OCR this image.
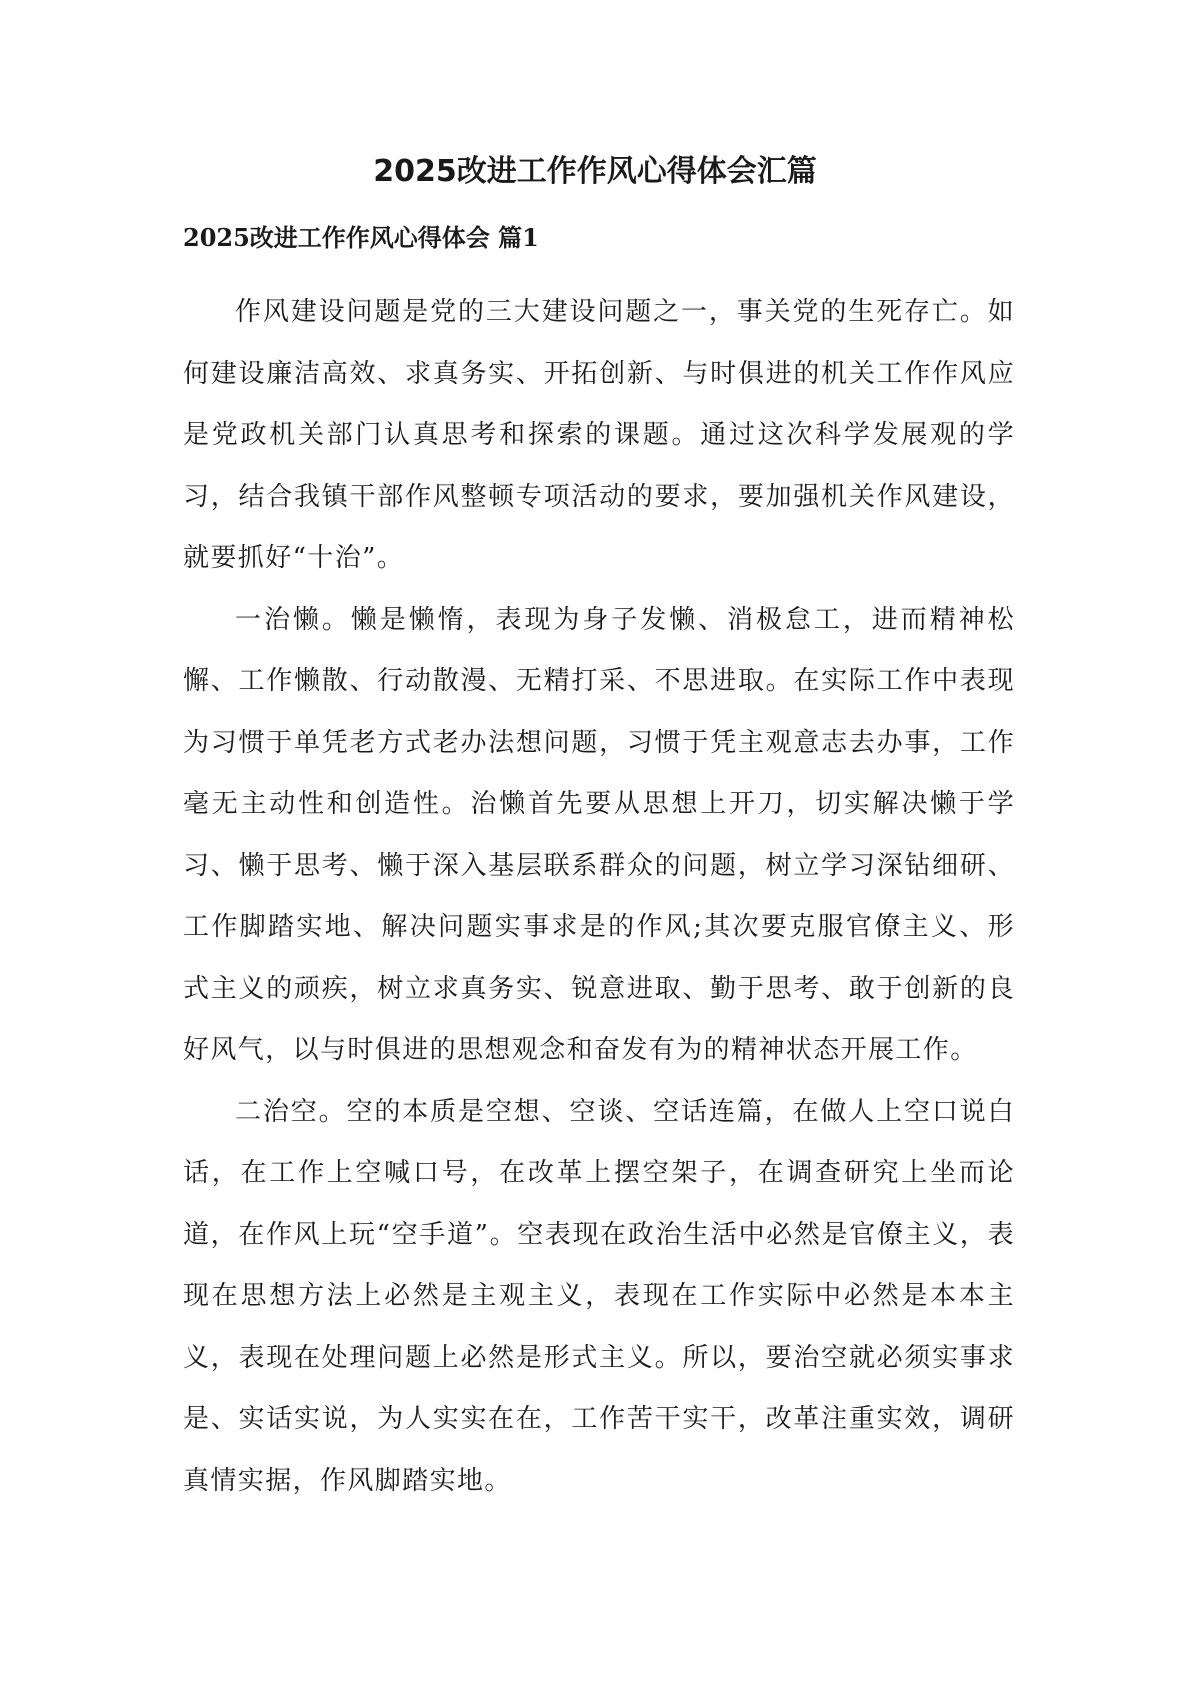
2025改进工作作风心得体会汇篇
2025改进工作作风心得体会 篇1

作风建设问题是党的三大建设问题之一，事关党的生死存亡。如何建设廉洁高效、求真务实、开拓创新、与时俱进的机关工作作风应是党政机关部门认真思考和探索的课题。通过这次科学发展观的学习，结合我镇干部作风整顿专项活动的要求，要加强机关作风建设，就要抓好“十治”。

一治懒。懒是懒惰，表现为身子发懒、消极怠工，进而精神松懈、工作懒散、行动散漫、无精打采、不思进取。在实际工作中表现为习惯于单凭老方式老办法想问题，习惯于凭主观意志去办事，工作毫无主动性和创造性。治懒首先要从思想上开刀，切实解决懒于学习、懒于思考、懒于深入基层联系群众的问题，树立学习深钻细研、工作脚踏实地、解决问题实事求是的作风;其次要克服官僚主义、形式主义的顽疾，树立求真务实、锐意进取、勤于思考、敢于创新的良好风气，以与时俱进的思想观念和奋发有为的精神状态开展工作。

二治空。空的本质是空想、空谈、空话连篇，在做人上空口说白话，在工作上空喊口号，在改革上摆空架子，在调查研究上坐而论道，在作风上玩“空手道”。空表现在政治生活中必然是官僚主义，表现在思想方法上必然是主观主义，表现在工作实际中必然是本本主义，表现在处理问题上必然是形式主义。所以，要治空就必须实事求是、实话实说，为人实实在在，工作苦干实干，改革注重实效，调研真情实据，作风脚踏实地。
